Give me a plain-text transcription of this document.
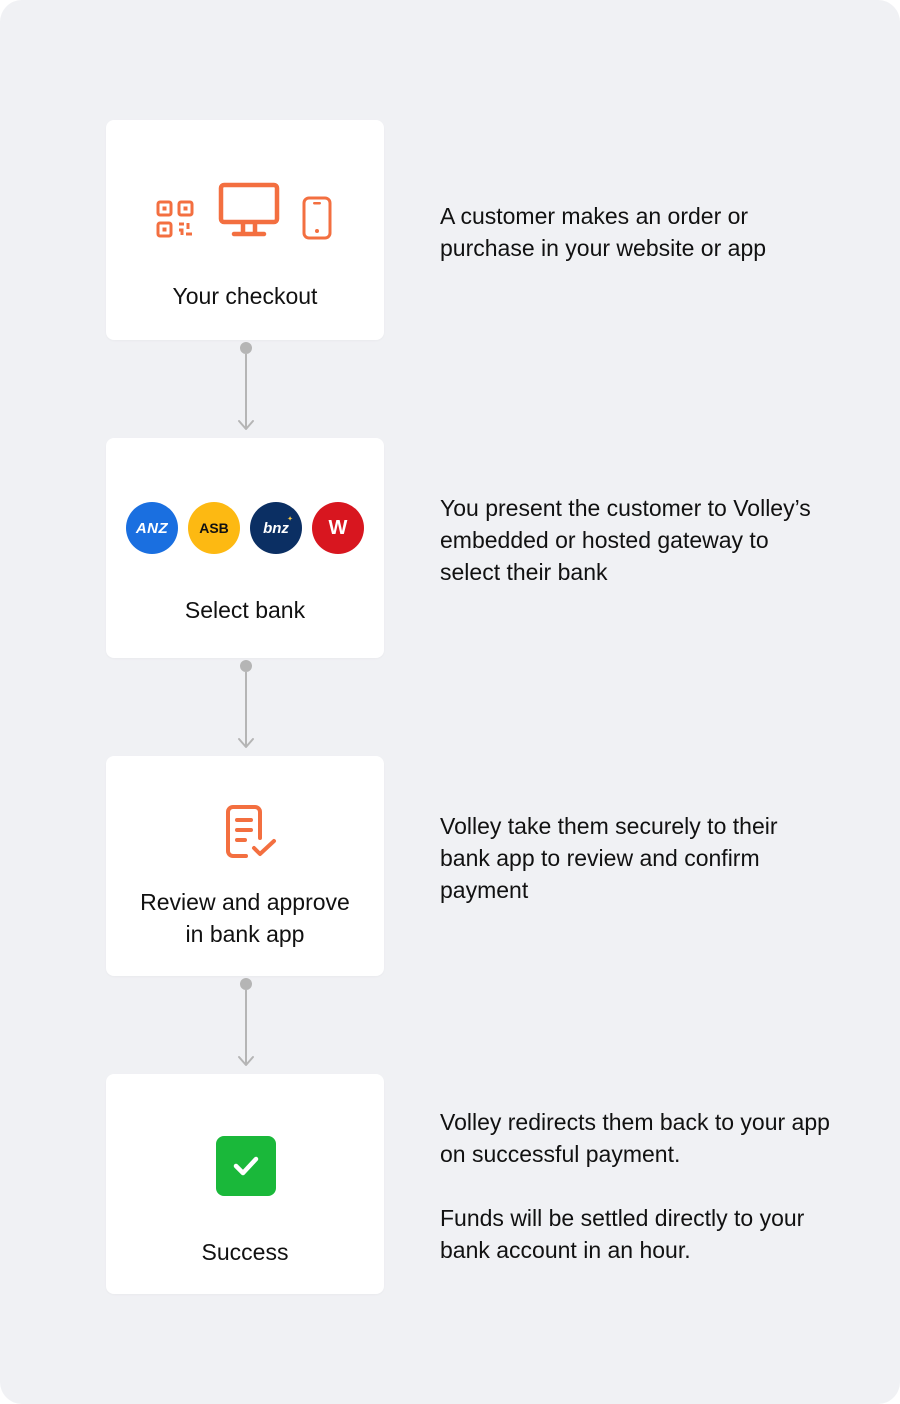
Your checkout

A customer makes an order or purchase in your website or app

ANZ ASB bnz
✦ W
Select bank

You present the customer to Volley’s embedded or hosted gateway to select their bank

Review and approve
in bank app

Volley take them securely to their bank app to review and confirm payment

Success

Volley redirects them back to your app on successful payment.

Funds will be settled directly to your bank account in an hour.
